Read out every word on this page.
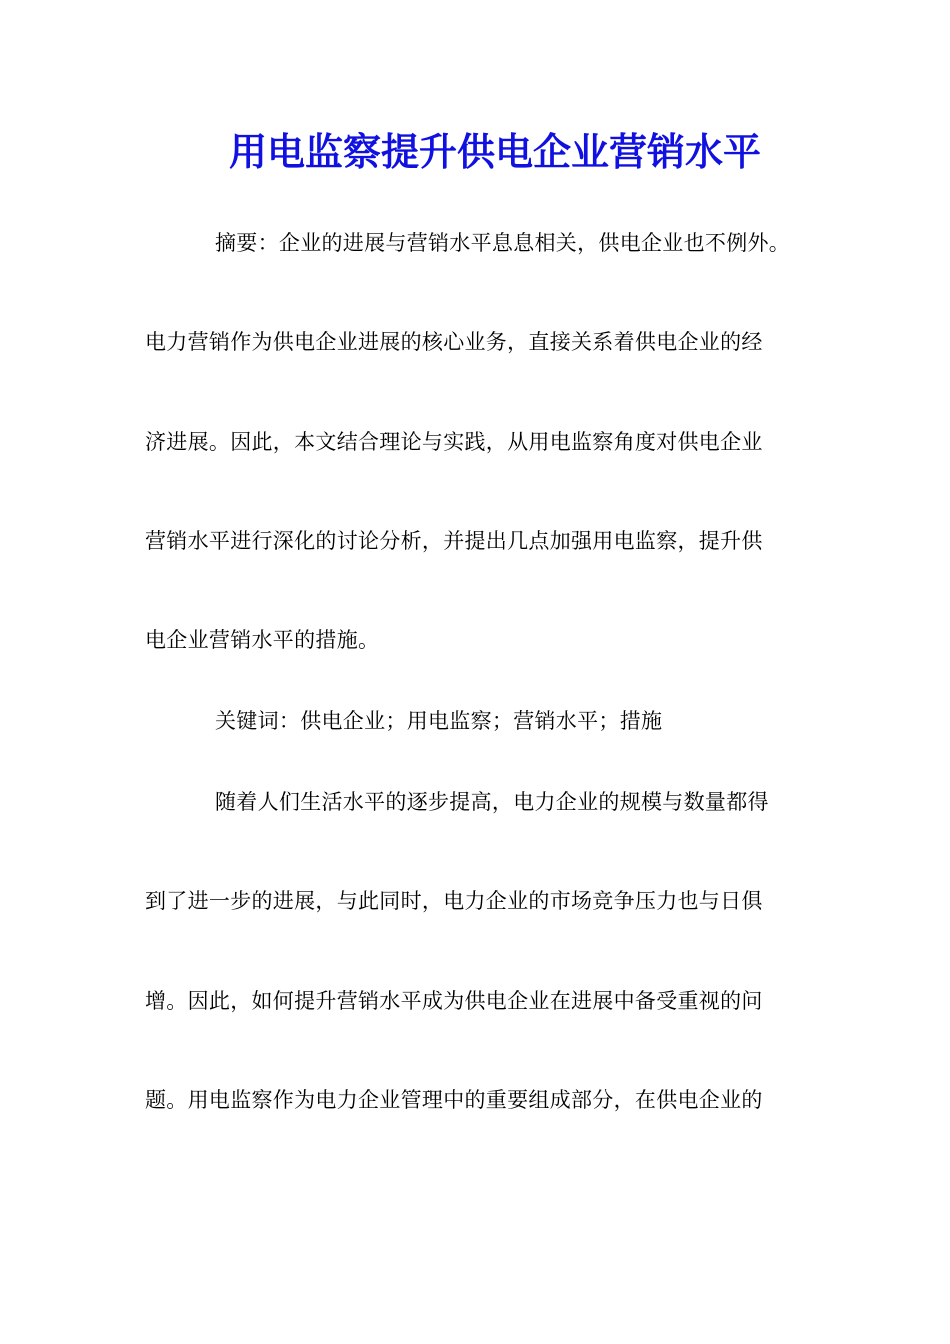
用电监察提升供电企业营销水平
摘要：企业的进展与营销水平息息相关，供电企业也不例外。
电力营销作为供电企业进展的核心业务，直接关系着供电企业的经
济进展。因此，本文结合理论与实践，从用电监察角度对供电企业
营销水平进行深化的讨论分析，并提出几点加强用电监察，提升供
电企业营销水平的措施。
关键词：供电企业；用电监察；营销水平；措施
随着人们生活水平的逐步提高，电力企业的规模与数量都得
到了进一步的进展，与此同时，电力企业的市场竞争压力也与日俱
增。因此，如何提升营销水平成为供电企业在进展中备受重视的问
题。用电监察作为电力企业管理中的重要组成部分，在供电企业的
